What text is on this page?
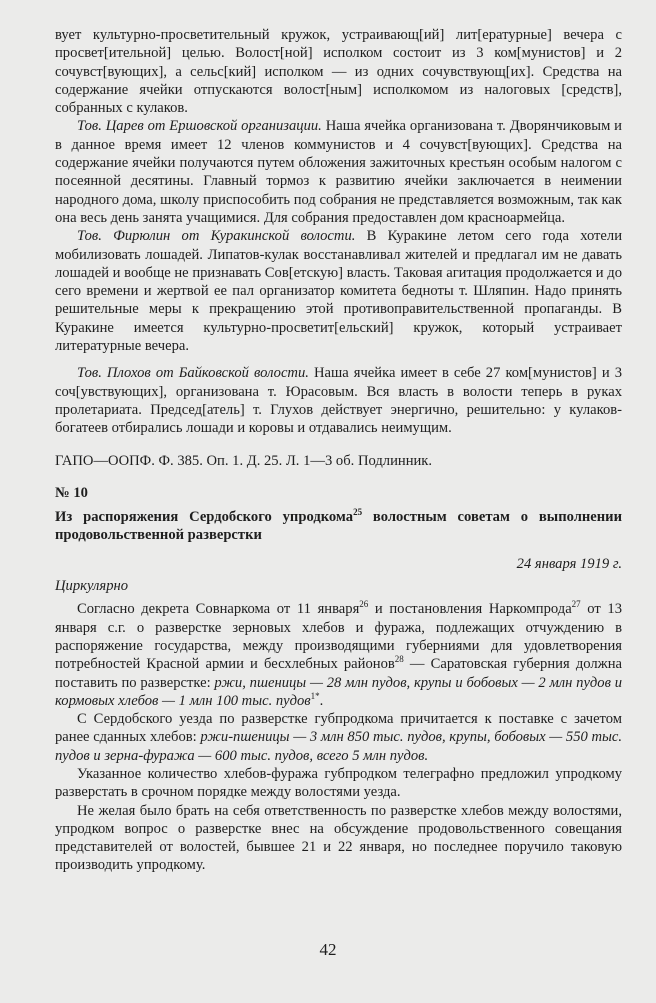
вует культурно-просветительный кружок, устраивающ[ий] лит[ературные] вечера с просвет[ительной] целью. Волост[ной] исполком состоит из 3 ком[мунистов] и 2 сочувст[вующих], а сельс[кий] исполком — из одних сочувствующ[их]. Средства на содержание ячейки отпускаются волост[ным] исполкомом из налоговых [средств], собранных с кулаков.

Тов. Царев от Ершовской организации. Наша ячейка организована т. Дворянчиковым и в данное время имеет 12 членов коммунистов и 4 сочувст[вующих]. Средства на содержание ячейки получаются путем обложения зажиточных крестьян особым налогом с посеянной десятины. Главный тормоз к развитию ячейки заключается в неимении народного дома, школу приспособить под собрания не представляется возможным, так как она весь день занята учащимися. Для собрания предоставлен дом красноармейца.

Тов. Фирюлин от Куракинской волости. В Куракине летом сего года хотели мобилизовать лошадей. Липатов-кулак восстанавливал жителей и предлагал им не давать лошадей и вообще не признавать Сов[етскую] власть. Таковая агитация продолжается и до сего времени и жертвой ее пал организатор комитета бедноты т. Шляпин. Надо принять решительные меры к прекращению этой противоправительственной пропаганды. В Куракине имеется культурно-просветит[ельский] кружок, который устраивает литературные вечера.

Тов. Плохов от Байковской волости. Наша ячейка имеет в себе 27 ком[мунистов] и 3 соч[увствующих], организована т. Юрасовым. Вся власть в волости теперь в руках пролетариата. Председ[атель] т. Глухов действует энергично, решительно: у кулаков-богатеев отбирались лошади и коровы и отдавались неимущим.

ГАПО—ООПФ. Ф. 385. Оп. 1. Д. 25. Л. 1—3 об. Подлинник.

№ 10

Из распоряжения Сердобского упродкома$^{25}$ волостным советам о выполнении продовольственной разверстки

24 января 1919 г.

Циркулярно

Согласно декрета Совнаркома от 11 января$^{26}$ и постановления Наркомпрода$^{27}$ от 13 января с.г. о разверстке зерновых хлебов и фуража, подлежащих отчуждению в распоряжение государства, между производящими губерниями для удовлетворения потребностей Красной армии и бесхлебных районов$^{28}$ — Саратовская губерния должна поставить по разверстке: ржи, пшеницы — 28 млн пудов, крупы и бобовых — 2 млн пудов и кормовых хлебов — 1 млн 100 тыс. пудов$^{1*}$.

С Сердобского уезда по разверстке губпродкома причитается к поставке с зачетом ранее сданных хлебов: ржи-пшеницы — 3 млн 850 тыс. пудов, крупы, бобовых — 550 тыс. пудов и зерна-фуража — 600 тыс. пудов, всего 5 млн пудов.

Указанное количество хлебов-фуража губпродком телеграфно предложил упродкому разверстать в срочном порядке между волостями уезда.

Не желая было брать на себя ответственность по разверстке хлебов между волостями, упродком вопрос о разверстке внес на обсуждение продовольственного совещания представителей от волостей, бывшее 21 и 22 января, но последнее поручило таковую производить упродкому.

42
